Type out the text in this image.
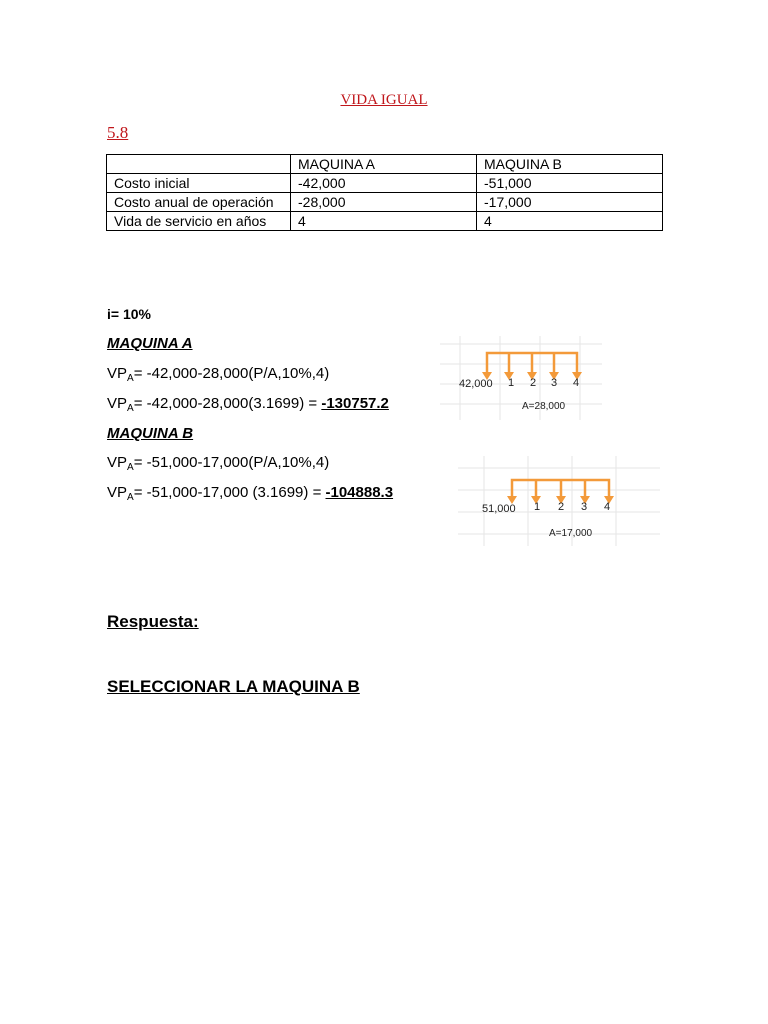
VIDA IGUAL
5.8
	MAQUINA A	MAQUINA B
Costo inicial	-42,000	-51,000
Costo anual de operación	-28,000	-17,000
Vida de servicio en años	4	4
i= 10%
MAQUINA A
$VP_A= -42,000-28,000(P/A,10\%,4)$
$VP_A= -42,000-28,000(3.1699) = -130757.2$
MAQUINA B
$VP_A= -51,000-17,000(P/A,10\%,4)$
$VP_A= -51,000-17,000$ (3.1699) = -104888.3
42,000 1 2 3 4
A=28,000
51,000 1 2 3 4
A=17,000
Respuesta:
SELECCIONAR LA MAQUINA B
